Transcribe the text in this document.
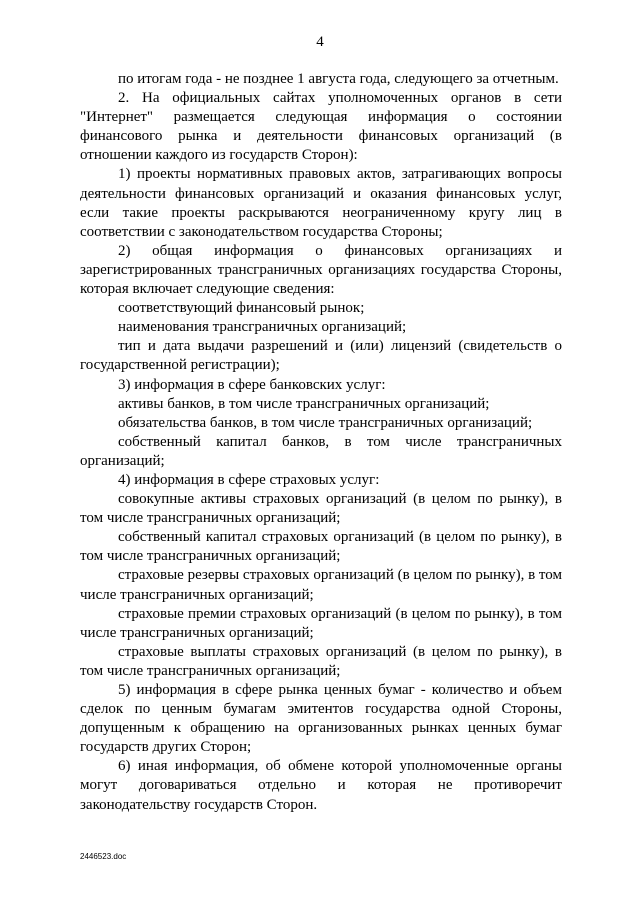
4

по итогам года - не позднее 1 августа года, следующего за отчетным.

2. На официальных сайтах уполномоченных органов в сети "Интернет" размещается следующая информация о состоянии финансового рынка и деятельности финансовых организаций (в отношении каждого из государств Сторон):

1) проекты нормативных правовых актов, затрагивающих вопросы деятельности финансовых организаций и оказания финансовых услуг, если такие проекты раскрываются неограниченному кругу лиц в соответствии с законодательством государства Стороны;

2) общая информация о финансовых организациях и зарегистрированных трансграничных организациях государства Стороны, которая включает следующие сведения:

соответствующий финансовый рынок;

наименования трансграничных организаций;

тип и дата выдачи разрешений и (или) лицензий (свидетельств о государственной регистрации);

3) информация в сфере банковских услуг:

активы банков, в том числе трансграничных организаций;

обязательства банков, в том числе трансграничных организаций;

собственный капитал банков, в том числе трансграничных организаций;

4) информация в сфере страховых услуг:

совокупные активы страховых организаций (в целом по рынку), в том числе трансграничных организаций;

собственный капитал страховых организаций (в целом по рынку), в том числе трансграничных организаций;

страховые резервы страховых организаций (в целом по рынку), в том числе трансграничных организаций;

страховые премии страховых организаций (в целом по рынку), в том числе трансграничных организаций;

страховые выплаты страховых организаций (в целом по рынку), в том числе трансграничных организаций;

5) информация в сфере рынка ценных бумаг - количество и объем сделок по ценным бумагам эмитентов государства одной Стороны, допущенным к обращению на организованных рынках ценных бумаг государств других Сторон;

6) иная информация, об обмене которой уполномоченные органы могут договариваться отдельно и которая не противоречит законодательству государств Сторон.

2446523.doc
